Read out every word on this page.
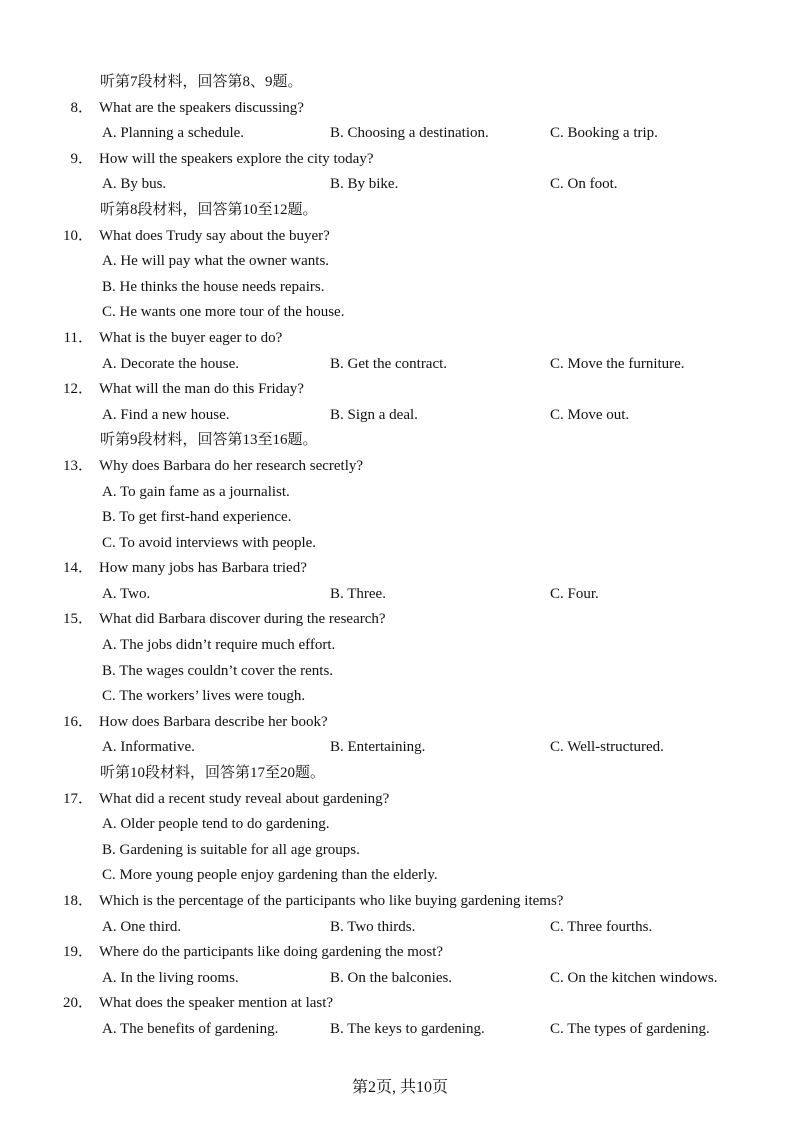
听第7段材料，回答第8、9题。
8． What are the speakers discussing?
A. Planning a schedule.	B. Choosing a destination.	C. Booking a trip.
9． How will the speakers explore the city today?
A. By bus.	B. By bike.	C. On foot.
听第8段材料，回答第10至12题。
10． What does Trudy say about the buyer?
A. He will pay what the owner wants.
B. He thinks the house needs repairs.
C. He wants one more tour of the house.
11． What is the buyer eager to do?
A. Decorate the house.	B. Get the contract.	C. Move the furniture.
12． What will the man do this Friday?
A. Find a new house.	B. Sign a deal.	C. Move out.
听第9段材料，回答第13至16题。
13． Why does Barbara do her research secretly?
A. To gain fame as a journalist.
B. To get first-hand experience.
C. To avoid interviews with people.
14． How many jobs has Barbara tried?
A. Two.	B. Three.	C. Four.
15． What did Barbara discover during the research?
A. The jobs didn’t require much effort.
B. The wages couldn’t cover the rents.
C. The workers’ lives were tough.
16． How does Barbara describe her book?
A. Informative.	B. Entertaining.	C. Well-structured.
听第10段材料，回答第17至20题。
17． What did a recent study reveal about gardening?
A. Older people tend to do gardening.
B. Gardening is suitable for all age groups.
C. More young people enjoy gardening than the elderly.
18． Which is the percentage of the participants who like buying gardening items?
A. One third.	B. Two thirds.	C. Three fourths.
19． Where do the participants like doing gardening the most?
A. In the living rooms.	B. On the balconies.	C. On the kitchen windows.
20． What does the speaker mention at last?
A. The benefits of gardening.	B. The keys to gardening.	C. The types of gardening.
第2页, 共10页
